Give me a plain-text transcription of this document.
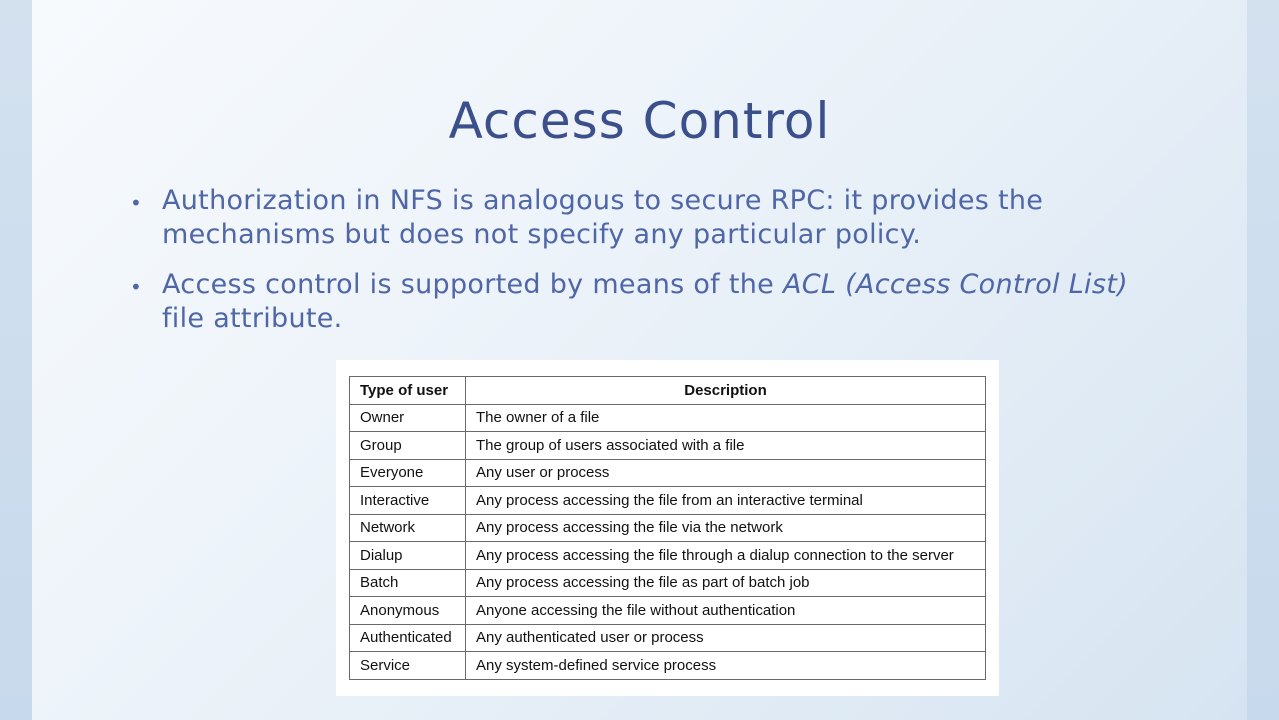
Access Control
• Authorization in NFS is analogous to secure RPC: it provides the mechanisms but does not specify any particular policy.
• Access control is supported by means of the ACL (Access Control List) file attribute.
Type of user	Description
Owner	The owner of a file
Group	The group of users associated with a file
Everyone	Any user or process
Interactive	Any process accessing the file from an interactive terminal
Network	Any process accessing the file via the network
Dialup	Any process accessing the file through a dialup connection to the server
Batch	Any process accessing the file as part of batch job
Anonymous	Anyone accessing the file without authentication
Authenticated	Any authenticated user or process
Service	Any system-defined service process
